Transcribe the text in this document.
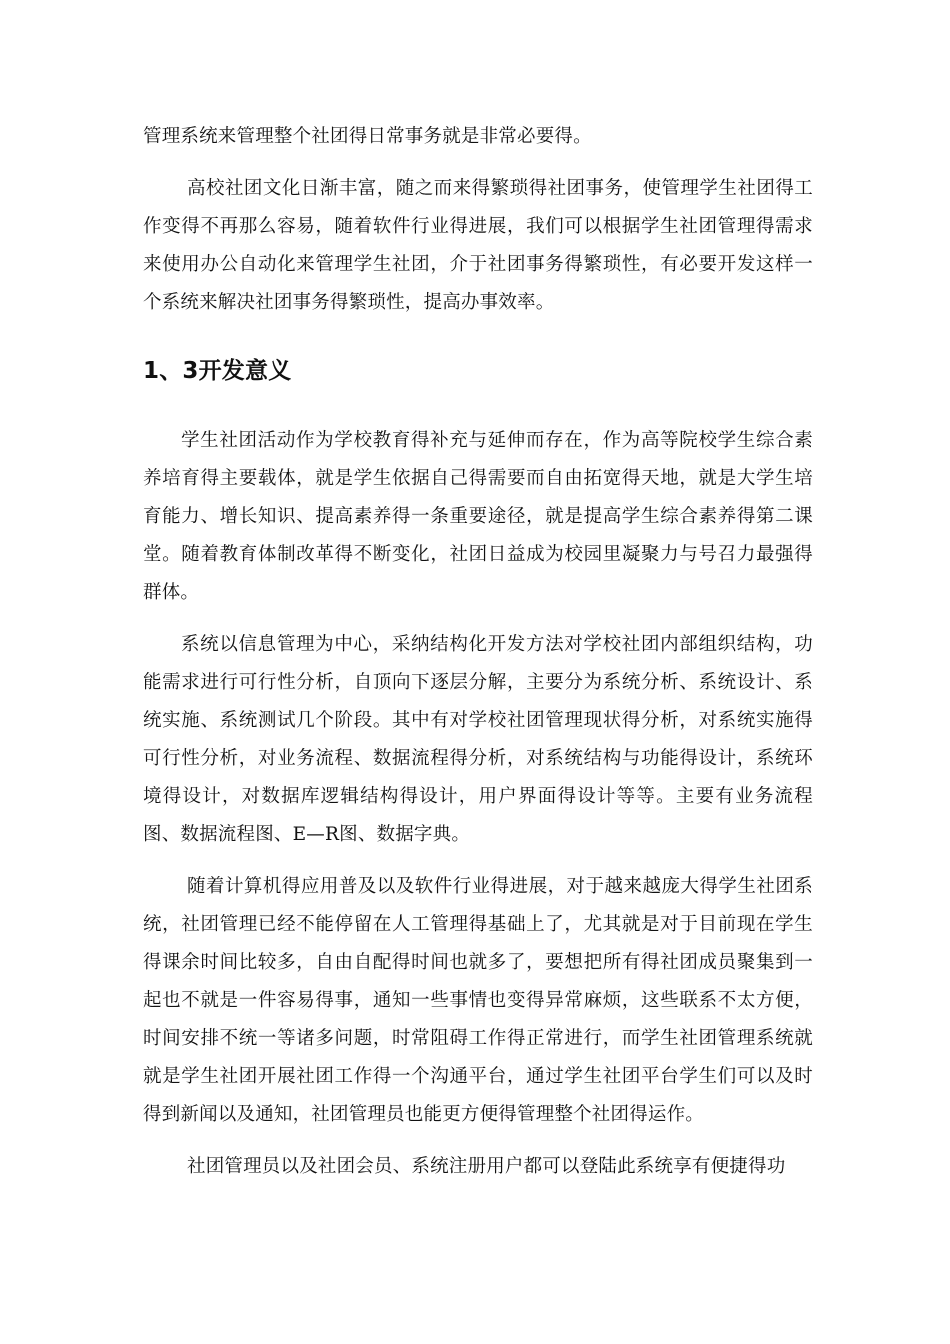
管理系统来管理整个社团得日常事务就是非常必要得。

高校社团文化日渐丰富，随之而来得繁琐得社团事务，使管理学生社团得工作变得不再那么容易，随着软件行业得进展，我们可以根据学生社团管理得需求来使用办公自动化来管理学生社团，介于社团事务得繁琐性，有必要开发这样一个系统来解决社团事务得繁琐性，提高办事效率。

1、3开发意义

学生社团活动作为学校教育得补充与延伸而存在，作为高等院校学生综合素养培育得主要载体，就是学生依据自己得需要而自由拓宽得天地，就是大学生培育能力、增长知识、提高素养得一条重要途径，就是提高学生综合素养得第二课堂。随着教育体制改革得不断变化，社团日益成为校园里凝聚力与号召力最强得群体。

系统以信息管理为中心，采纳结构化开发方法对学校社团内部组织结构，功能需求进行可行性分析，自顶向下逐层分解，主要分为系统分析、系统设计、系统实施、系统测试几个阶段。其中有对学校社团管理现状得分析，对系统实施得可行性分析，对业务流程、数据流程得分析，对系统结构与功能得设计，系统环境得设计，对数据库逻辑结构得设计，用户界面得设计等等。主要有业务流程图、数据流程图、E—R图、数据字典。

随着计算机得应用普及以及软件行业得进展，对于越来越庞大得学生社团系统，社团管理已经不能停留在人工管理得基础上了，尤其就是对于目前现在学生得课余时间比较多，自由自配得时间也就多了，要想把所有得社团成员聚集到一起也不就是一件容易得事，通知一些事情也变得异常麻烦，这些联系不太方便，时间安排不统一等诸多问题，时常阻碍工作得正常进行，而学生社团管理系统就就是学生社团开展社团工作得一个沟通平台，通过学生社团平台学生们可以及时得到新闻以及通知，社团管理员也能更方便得管理整个社团得运作。

社团管理员以及社团会员、系统注册用户都可以登陆此系统享有便捷得功
